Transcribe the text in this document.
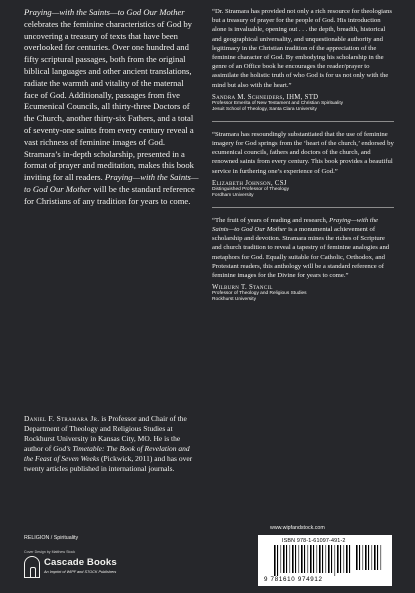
Praying—with the Saints—to God Our Mother celebrates the feminine characteristics of God by uncovering a treasury of texts that have been overlooked for centuries. Over one hundred and fifty scriptural passages, both from the original biblical languages and other ancient translations, radiate the warmth and vitality of the maternal face of God. Additionally, passages from five Ecumenical Councils, all thirty-three Doctors of the Church, another thirty-six Fathers, and a total of seventy-one saints from every century reveal a vast richness of feminine images of God. Stramara’s in-depth scholarship, presented in a format of prayer and meditation, makes this book inviting for all readers. Praying—with the Saints—to God Our Mother will be the standard reference for Christians of any tradition for years to come.

Daniel F. Stramara Jr. is Professor and Chair of the Department of Theology and Religious Studies at Rockhurst University in Kansas City, MO. He is the author of God’s Timetable: The Book of Revelation and the Feast of Seven Weeks (Pickwick, 2011) and has over twenty articles published in international journals.

“Dr. Stramara has provided not only a rich resource for theologians but a treasury of prayer for the people of God. His introduction alone is invaluable, opening out . . . the depth, breadth, historical and geographical universality, and unquestionable authority and legitimacy in the Christian tradition of the appreciation of the feminine character of God. By embodying his scholarship in the genre of an Office book he encourages the reader/prayer to assimilate the holistic truth of who God is for us not only with the mind but also with the heart.”

Sandra M. Schneiders, IHM, STD

Professor Emerita of New Testament and Christian Spirituality

Jesuit School of Theology, Santa Clara University

“Stramara has resoundingly substantiated that the use of feminine imagery for God springs from the ‘heart of the church,’ endorsed by ecumenical councils, fathers and doctors of the church, and renowned saints from every century. This book provides a beautiful service in furthering one’s experience of God.”

Elizabeth Johnson, CSJ

Distinguished Professor of Theology

Fordham University

“The fruit of years of reading and research, Praying—with the Saints—to God Our Mother is a monumental achievement of scholarship and devotion. Stramara mines the riches of Scripture and church tradition to reveal a tapestry of feminine analogies and metaphors for God. Equally suitable for Catholic, Orthodox, and Protestant readers, this anthology will be a standard reference of feminine images for the Divine for years to come.”

Wilburn T. Stancil

Professor of Theology and Religious Studies

Rockhurst University

RELIGION / Spirituality
Cover Design by Matthew Stock
Cascade Books
An Imprint of WIPF and STOCK Publishers
www.wipfandstock.com
ISBN 978-1-61097-491-2
9 781610 974912
